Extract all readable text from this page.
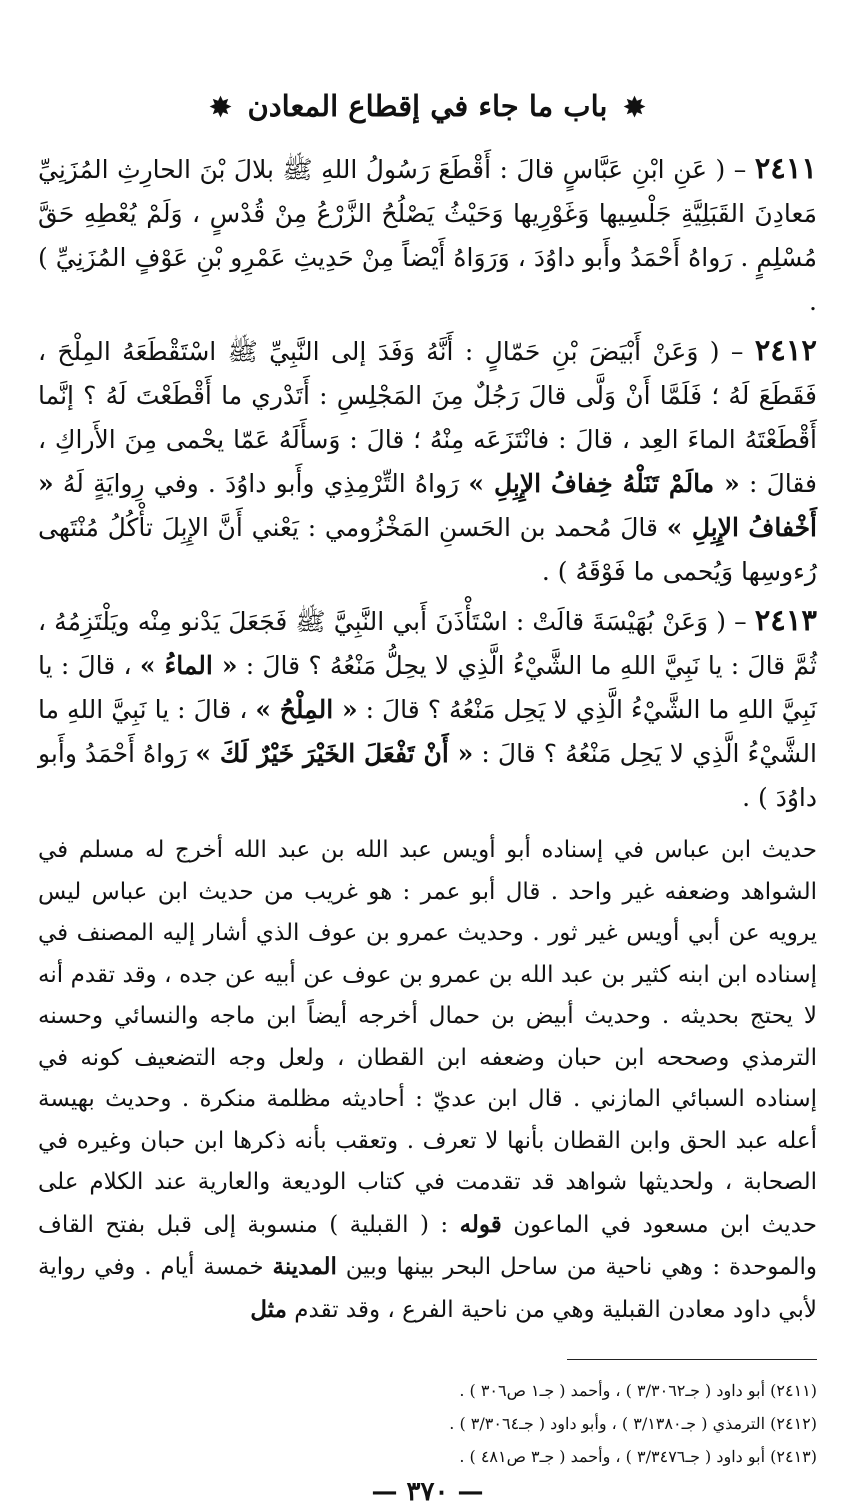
✸ باب ما جاء في إقطاع المعادن ✸

٢٤١١ – ( عَنِ ابْنِ عَبَّاسٍ قالَ : أَقْطَعَ رَسُولُ اللهِ ﷺ بلالَ بْنَ الحارِثِ المُزَنِيِّ مَعادِنَ القَبَلِيَّةِ جَلْسِيها وَغَوْرِيها وَحَيْثُ يَصْلُحُ الزَّرْعُ مِنْ قُدْسٍ ، وَلَمْ يُعْطِهِ حَقَّ مُسْلِمٍ . رَواهُ أَحْمَدُ وأَبو داوُدَ ، وَرَوَاهُ أَيْضاً مِنْ حَدِيثِ عَمْرِو بْنِ عَوْفٍ المُزَنِيِّ ) .

٢٤١٢ – ( وَعَنْ أَبْيَضَ بْنِ حَمّالٍ : أَنَّهُ وَفَدَ إلى النَّبِيِّ ﷺ اسْتَقْطَعَهُ المِلْحَ ، فَقَطَعَ لَهُ ؛ فَلَمَّا أَنْ وَلَّى قالَ رَجُلٌ مِنَ المَجْلِسِ : أَتَدْري ما أَقْطَعْتَ لَهُ ؟ إنَّما أَقْطَعْتَهُ الماءَ العِد ، قالَ : فانْتَزَعَه مِنْهُ ؛ قالَ : وَسأَلَهُ عَمّا يحْمى مِنَ الأَراكِ ، فقالَ : « مالَمْ تَنَلْهُ خِفافُ الإِبِلِ » رَواهُ التِّرْمِذِي وأَبو داوُدَ . وفي رِوايَةٍ لَهُ « أَخْفافُ الإِبِلِ » قالَ مُحمد بن الحَسنِ المَخْزُومي : يَعْني أَنَّ الإِبِلَ تأْكُلُ مُنْتَهى رُءوسِها وَيُحمى ما فَوْقَهُ ) .

٢٤١٣ – ( وَعَنْ بُهَيْسَةَ قالَتْ : اسْتَأْذَنَ أَبي النَّبِيَّ ﷺ فَجَعَلَ يَدْنو مِنْه ويَلْتَزِمُهُ ، ثُمَّ قالَ : يا نَبِيَّ اللهِ ما الشَّيْءُ الَّذِي لا يحِلُّ مَنْعُهُ ؟ قالَ : « الماءُ » ، قالَ : يا نَبِيَّ اللهِ ما الشَّيْءُ الَّذِي لا يَحِل مَنْعُهُ ؟ قالَ : « المِلْحُ » ، قالَ : يا نَبِيَّ اللهِ ما الشَّيْءُ الَّذِي لا يَحِل مَنْعُهُ ؟ قالَ : « أَنْ تَفْعَلَ الخَيْرَ خَيْرٌ لَكَ » رَواهُ أَحْمَدُ وأَبو داوُدَ ) .

حديث ابن عباس في إسناده أبو أويس عبد الله بن عبد الله أخرج له مسلم في الشواهد وضعفه غير واحد . قال أبو عمر : هو غريب من حديث ابن عباس ليس يرويه عن أبي أويس غير ثور . وحديث عمرو بن عوف الذي أشار إليه المصنف في إسناده ابن ابنه كثير بن عبد الله بن عمرو بن عوف عن أبيه عن جده ، وقد تقدم أنه لا يحتج بحديثه . وحديث أبيض بن حمال أخرجه أيضاً ابن ماجه والنسائي وحسنه الترمذي وصححه ابن حبان وضعفه ابن القطان ، ولعل وجه التضعيف كونه في إسناده السبائي المازني . قال ابن عديّ : أحاديثه مظلمة منكرة . وحديث بهيسة أعله عبد الحق وابن القطان بأنها لا تعرف . وتعقب بأنه ذكرها ابن حبان وغيره في الصحابة ، ولحديثها شواهد قد تقدمت في كتاب الوديعة والعارية عند الكلام على حديث ابن مسعود في الماعون قوله : ( القبلية ) منسوبة إلى قبل بفتح القاف والموحدة : وهي ناحية من ساحل البحر بينها وبين المدينة خمسة أيام . وفي رواية لأبي داود معادن القبلية وهي من ناحية الفرع ، وقد تقدم مثل
(٢٤١١) أبو داود ( جـ٣/٣٠٦٢ ) ، وأحمد ( جـ١ ص٣٠٦ ) .
(٢٤١٢) الترمذي ( جـ٣/١٣٨٠ ) ، وأبو داود ( جـ٣/٣٠٦٤ ) .
(٢٤١٣) أبو داود ( جـ٣/٣٤٧٦ ) ، وأحمد ( جـ٣ ص٤٨١ ) .
— ٣٧٠ —
